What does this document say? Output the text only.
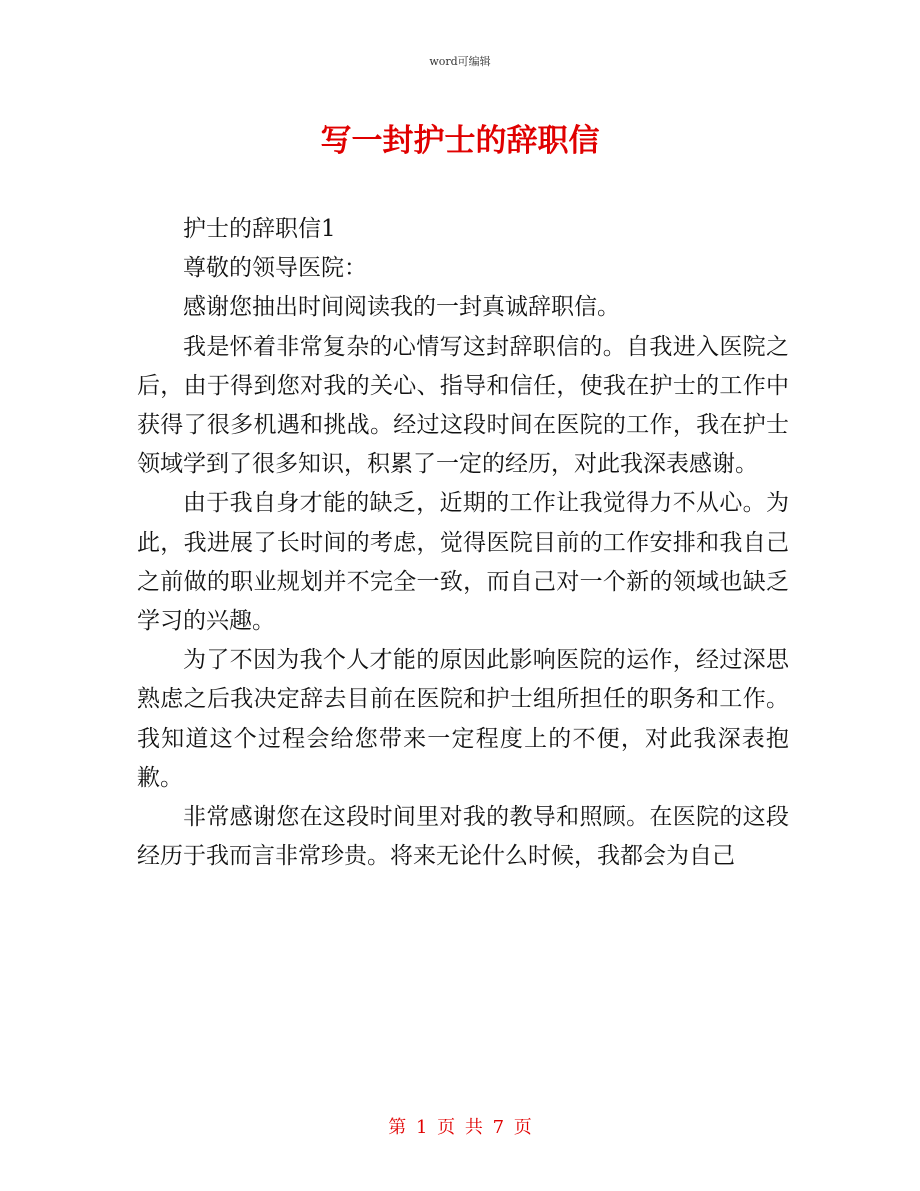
word可编辑
写一封护士的辞职信

护士的辞职信1

尊敬的领导医院：

感谢您抽出时间阅读我的一封真诚辞职信。

我是怀着非常复杂的心情写这封辞职信的。自我进入医院之后，由于得到您对我的关心、指导和信任，使我在护士的工作中获得了很多机遇和挑战。经过这段时间在医院的工作，我在护士领域学到了很多知识，积累了一定的经历，对此我深表感谢。

由于我自身才能的缺乏，近期的工作让我觉得力不从心。为此，我进展了长时间的考虑，觉得医院目前的工作安排和我自己之前做的职业规划并不完全一致，而自己对一个新的领域也缺乏学习的兴趣。

为了不因为我个人才能的原因此影响医院的运作，经过深思熟虑之后我决定辞去目前在医院和护士组所担任的职务和工作。我知道这个过程会给您带来一定程度上的不便，对此我深表抱歉。

非常感谢您在这段时间里对我的教导和照顾。在医院的这段经历于我而言非常珍贵。将来无论什么时候，我都会为自己

第 1 页 共 7 页
